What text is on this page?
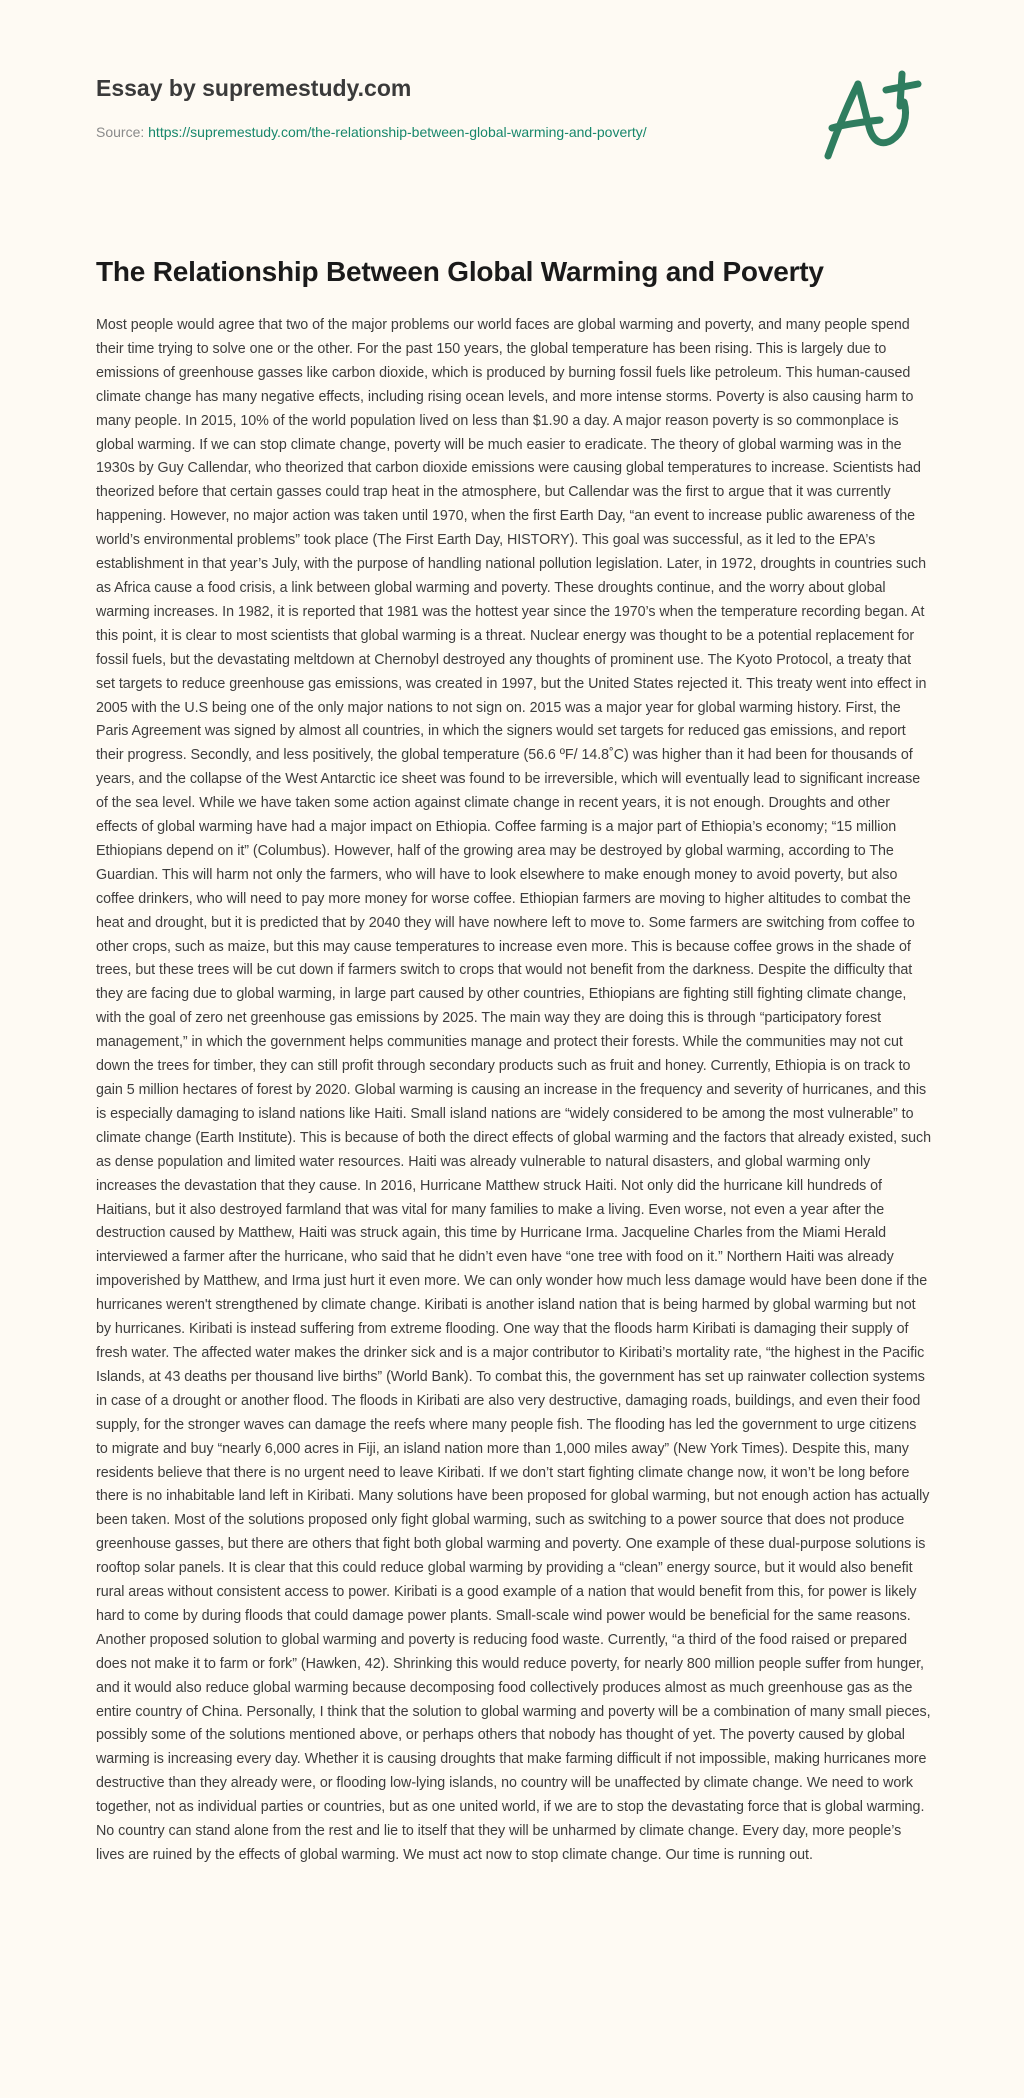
Essay by supremestudy.com
Source: https://supremestudy.com/the-relationship-between-global-warming-and-poverty/
The Relationship Between Global Warming and Poverty

Most people would agree that two of the major problems our world faces are global warming and poverty, and many people spend their time trying to solve one or the other. For the past 150 years, the global temperature has been rising. This is largely due to emissions of greenhouse gasses like carbon dioxide, which is produced by burning fossil fuels like petroleum. This human-caused climate change has many negative effects, including rising ocean levels, and more intense storms. Poverty is also causing harm to many people. In 2015, 10% of the world population lived on less than $1.90 a day. A major reason poverty is so commonplace is global warming. If we can stop climate change, poverty will be much easier to eradicate. The theory of global warming was in the 1930s by Guy Callendar, who theorized that carbon dioxide emissions were causing global temperatures to increase. Scientists had theorized before that certain gasses could trap heat in the atmosphere, but Callendar was the first to argue that it was currently happening. However, no major action was taken until 1970, when the first Earth Day, “an event to increase public awareness of the world’s environmental problems” took place (The First Earth Day, HISTORY). This goal was successful, as it led to the EPA’s establishment in that year’s July, with the purpose of handling national pollution legislation. Later, in 1972, droughts in countries such as Africa cause a food crisis, a link between global warming and poverty. These droughts continue, and the worry about global warming increases. In 1982, it is reported that 1981 was the hottest year since the 1970’s when the temperature recording began. At this point, it is clear to most scientists that global warming is a threat. Nuclear energy was thought to be a potential replacement for fossil fuels, but the devastating meltdown at Chernobyl destroyed any thoughts of prominent use. The Kyoto Protocol, a treaty that set targets to reduce greenhouse gas emissions, was created in 1997, but the United States rejected it. This treaty went into effect in 2005 with the U.S being one of the only major nations to not sign on. 2015 was a major year for global warming history. First, the Paris Agreement was signed by almost all countries, in which the signers would set targets for reduced gas emissions, and report their progress. Secondly, and less positively, the global temperature (56.6 ºF/ 14.8˚C) was higher than it had been for thousands of years, and the collapse of the West Antarctic ice sheet was found to be irreversible, which will eventually lead to significant increase of the sea level. While we have taken some action against climate change in recent years, it is not enough. Droughts and other effects of global warming have had a major impact on Ethiopia. Coffee farming is a major part of Ethiopia’s economy; “15 million Ethiopians depend on it” (Columbus). However, half of the growing area may be destroyed by global warming, according to The Guardian. This will harm not only the farmers, who will have to look elsewhere to make enough money to avoid poverty, but also coffee drinkers, who will need to pay more money for worse coffee. Ethiopian farmers are moving to higher altitudes to combat the heat and drought, but it is predicted that by 2040 they will have nowhere left to move to. Some farmers are switching from coffee to other crops, such as maize, but this may cause temperatures to increase even more. This is because coffee grows in the shade of trees, but these trees will be cut down if farmers switch to crops that would not benefit from the darkness. Despite the difficulty that they are facing due to global warming, in large part caused by other countries, Ethiopians are fighting still fighting climate change, with the goal of zero net greenhouse gas emissions by 2025. The main way they are doing this is through “participatory forest management,” in which the government helps communities manage and protect their forests. While the communities may not cut down the trees for timber, they can still profit through secondary products such as fruit and honey. Currently, Ethiopia is on track to gain 5 million hectares of forest by 2020. Global warming is causing an increase in the frequency and severity of hurricanes, and this is especially damaging to island nations like Haiti. Small island nations are “widely considered to be among the most vulnerable” to climate change (Earth Institute). This is because of both the direct effects of global warming and the factors that already existed, such as dense population and limited water resources. Haiti was already vulnerable to natural disasters, and global warming only increases the devastation that they cause. In 2016, Hurricane Matthew struck Haiti. Not only did the hurricane kill hundreds of Haitians, but it also destroyed farmland that was vital for many families to make a living. Even worse, not even a year after the destruction caused by Matthew, Haiti was struck again, this time by Hurricane Irma. Jacqueline Charles from the Miami Herald interviewed a farmer after the hurricane, who said that he didn’t even have “one tree with food on it.” Northern Haiti was already impoverished by Matthew, and Irma just hurt it even more. We can only wonder how much less damage would have been done if the hurricanes weren't strengthened by climate change. Kiribati is another island nation that is being harmed by global warming but not by hurricanes. Kiribati is instead suffering from extreme flooding. One way that the floods harm Kiribati is damaging their supply of fresh water. The affected water makes the drinker sick and is a major contributor to Kiribati’s mortality rate, “the highest in the Pacific Islands, at 43 deaths per thousand live births” (World Bank). To combat this, the government has set up rainwater collection systems in case of a drought or another flood. The floods in Kiribati are also very destructive, damaging roads, buildings, and even their food supply, for the stronger waves can damage the reefs where many people fish. The flooding has led the government to urge citizens to migrate and buy “nearly 6,000 acres in Fiji, an island nation more than 1,000 miles away” (New York Times). Despite this, many residents believe that there is no urgent need to leave Kiribati. If we don’t start fighting climate change now, it won’t be long before there is no inhabitable land left in Kiribati. Many solutions have been proposed for global warming, but not enough action has actually been taken. Most of the solutions proposed only fight global warming, such as switching to a power source that does not produce greenhouse gasses, but there are others that fight both global warming and poverty. One example of these dual-purpose solutions is rooftop solar panels. It is clear that this could reduce global warming by providing a “clean” energy source, but it would also benefit rural areas without consistent access to power. Kiribati is a good example of a nation that would benefit from this, for power is likely hard to come by during floods that could damage power plants. Small-scale wind power would be beneficial for the same reasons. Another proposed solution to global warming and poverty is reducing food waste. Currently, “a third of the food raised or prepared does not make it to farm or fork” (Hawken, 42). Shrinking this would reduce poverty, for nearly 800 million people suffer from hunger, and it would also reduce global warming because decomposing food collectively produces almost as much greenhouse gas as the entire country of China. Personally, I think that the solution to global warming and poverty will be a combination of many small pieces, possibly some of the solutions mentioned above, or perhaps others that nobody has thought of yet. The poverty caused by global warming is increasing every day. Whether it is causing droughts that make farming difficult if not impossible, making hurricanes more destructive than they already were, or flooding low-lying islands, no country will be unaffected by climate change. We need to work together, not as individual parties or countries, but as one united world, if we are to stop the devastating force that is global warming. No country can stand alone from the rest and lie to itself that they will be unharmed by climate change. Every day, more people’s lives are ruined by the effects of global warming. We must act now to stop climate change. Our time is running out.
